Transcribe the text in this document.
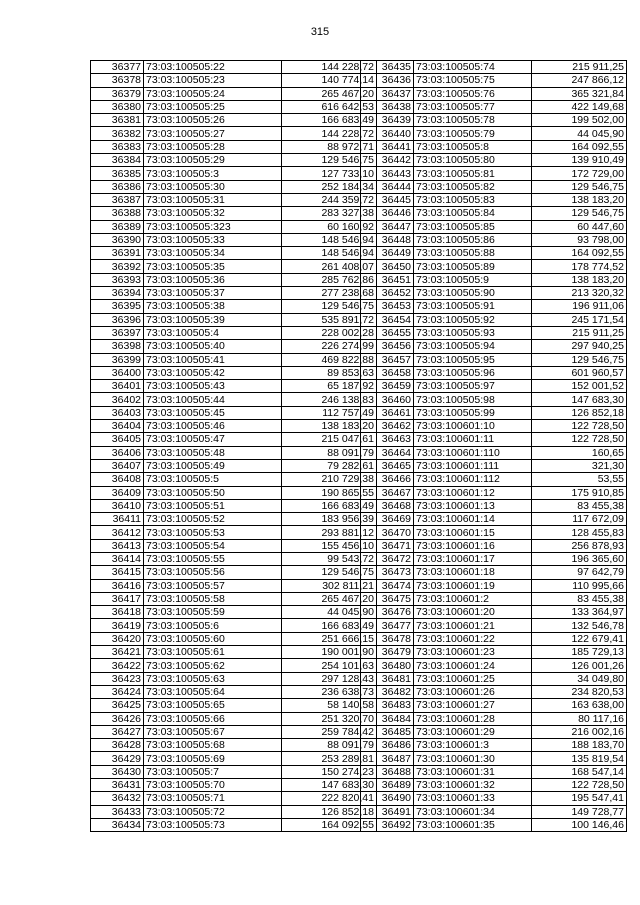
315
36377	73:03:100505:22	144 228,72
36378	73:03:100505:23	140 774,14
36379	73:03:100505:24	265 467,20
36380	73:03:100505:25	616 642,53
36381	73:03:100505:26	166 683,49
36382	73:03:100505:27	144 228,72
36383	73:03:100505:28	88 972,71
36384	73:03:100505:29	129 546,75
36385	73:03:100505:3	127 733,10
36386	73:03:100505:30	252 184,34
36387	73:03:100505:31	244 359,72
36388	73:03:100505:32	283 327,38
36389	73:03:100505:323	60 160,92
36390	73:03:100505:33	148 546,94
36391	73:03:100505:34	148 546,94
36392	73:03:100505:35	261 408,07
36393	73:03:100505:36	285 762,86
36394	73:03:100505:37	277 238,68
36395	73:03:100505:38	129 546,75
36396	73:03:100505:39	535 891,72
36397	73:03:100505:4	228 002,28
36398	73:03:100505:40	226 274,99
36399	73:03:100505:41	469 822,88
36400	73:03:100505:42	89 853,63
36401	73:03:100505:43	65 187,92
36402	73:03:100505:44	246 138,83
36403	73:03:100505:45	112 757,49
36404	73:03:100505:46	138 183,20
36405	73:03:100505:47	215 047,61
36406	73:03:100505:48	88 091,79
36407	73:03:100505:49	79 282,61
36408	73:03:100505:5	210 729,38
36409	73:03:100505:50	190 865,55
36410	73:03:100505:51	166 683,49
36411	73:03:100505:52	183 956,39
36412	73:03:100505:53	293 881,12
36413	73:03:100505:54	155 456,10
36414	73:03:100505:55	99 543,72
36415	73:03:100505:56	129 546,75
36416	73:03:100505:57	302 811,21
36417	73:03:100505:58	265 467,20
36418	73:03:100505:59	44 045,90
36419	73:03:100505:6	166 683,49
36420	73:03:100505:60	251 666,15
36421	73:03:100505:61	190 001,90
36422	73:03:100505:62	254 101,63
36423	73:03:100505:63	297 128,43
36424	73:03:100505:64	236 638,73
36425	73:03:100505:65	58 140,58
36426	73:03:100505:66	251 320,70
36427	73:03:100505:67	259 784,42
36428	73:03:100505:68	88 091,79
36429	73:03:100505:69	253 289,81
36430	73:03:100505:7	150 274,23
36431	73:03:100505:70	147 683,30
36432	73:03:100505:71	222 820,41
36433	73:03:100505:72	126 852,18
36434	73:03:100505:73	164 092,55
36435	73:03:100505:74	215 911,25
36436	73:03:100505:75	247 866,12
36437	73:03:100505:76	365 321,84
36438	73:03:100505:77	422 149,68
36439	73:03:100505:78	199 502,00
36440	73:03:100505:79	44 045,90
36441	73:03:100505:8	164 092,55
36442	73:03:100505:80	139 910,49
36443	73:03:100505:81	172 729,00
36444	73:03:100505:82	129 546,75
36445	73:03:100505:83	138 183,20
36446	73:03:100505:84	129 546,75
36447	73:03:100505:85	60 447,60
36448	73:03:100505:86	93 798,00
36449	73:03:100505:88	164 092,55
36450	73:03:100505:89	178 774,52
36451	73:03:100505:9	138 183,20
36452	73:03:100505:90	213 320,32
36453	73:03:100505:91	196 911,06
36454	73:03:100505:92	245 171,54
36455	73:03:100505:93	215 911,25
36456	73:03:100505:94	297 940,25
36457	73:03:100505:95	129 546,75
36458	73:03:100505:96	601 960,57
36459	73:03:100505:97	152 001,52
36460	73:03:100505:98	147 683,30
36461	73:03:100505:99	126 852,18
36462	73:03:100601:10	122 728,50
36463	73:03:100601:11	122 728,50
36464	73:03:100601:110	160,65
36465	73:03:100601:111	321,30
36466	73:03:100601:112	53,55
36467	73:03:100601:12	175 910,85
36468	73:03:100601:13	83 455,38
36469	73:03:100601:14	117 672,09
36470	73:03:100601:15	128 455,83
36471	73:03:100601:16	256 878,93
36472	73:03:100601:17	196 365,60
36473	73:03:100601:18	97 642,79
36474	73:03:100601:19	110 995,66
36475	73:03:100601:2	83 455,38
36476	73:03:100601:20	133 364,97
36477	73:03:100601:21	132 546,78
36478	73:03:100601:22	122 679,41
36479	73:03:100601:23	185 729,13
36480	73:03:100601:24	126 001,26
36481	73:03:100601:25	34 049,80
36482	73:03:100601:26	234 820,53
36483	73:03:100601:27	163 638,00
36484	73:03:100601:28	80 117,16
36485	73:03:100601:29	216 002,16
36486	73:03:100601:3	188 183,70
36487	73:03:100601:30	135 819,54
36488	73:03:100601:31	168 547,14
36489	73:03:100601:32	122 728,50
36490	73:03:100601:33	195 547,41
36491	73:03:100601:34	149 728,77
36492	73:03:100601:35	100 146,46
